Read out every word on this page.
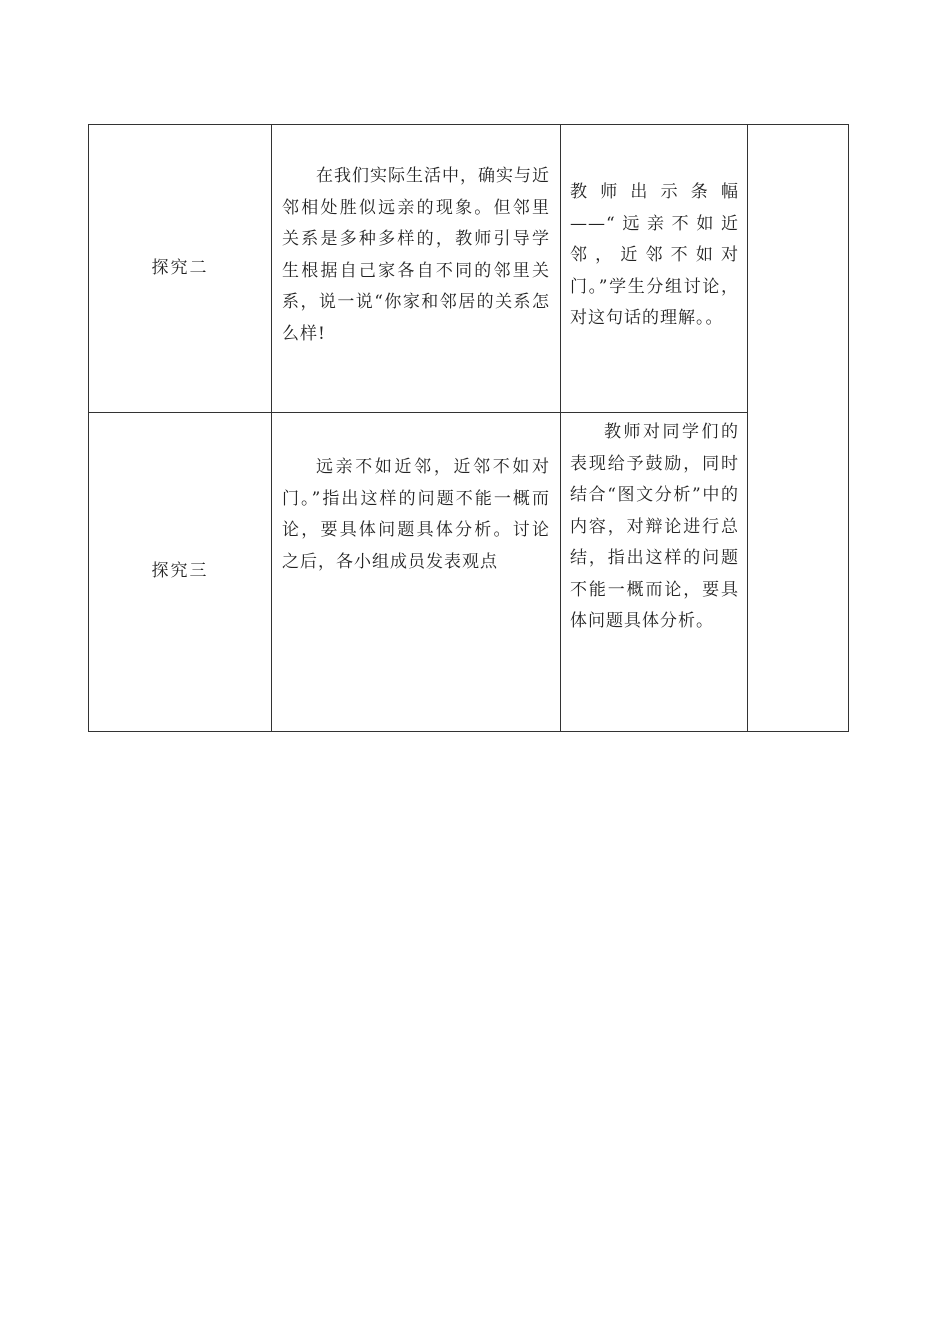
探究二	在我们实际生活中，确实与近邻相处胜似远亲的现象。但邻里关系是多种多样的，教师引导学生根据自己家各自不同的邻里关系，说一说“你家和邻居的关系怎么样!	教师出示条幅——“远亲不如近邻，近邻不如对门。”学生分组讨论，对这句话的理解。。	

探究三	远亲不如近邻，近邻不如对门。”指出这样的问题不能一概而论，要具体问题具体分析。讨论之后，各小组成员发表观点	教师对同学们的表现给予鼓励，同时结合“图文分析”中的内容，对辩论进行总结，指出这样的问题不能一概而论，要具体问题具体分析。	
